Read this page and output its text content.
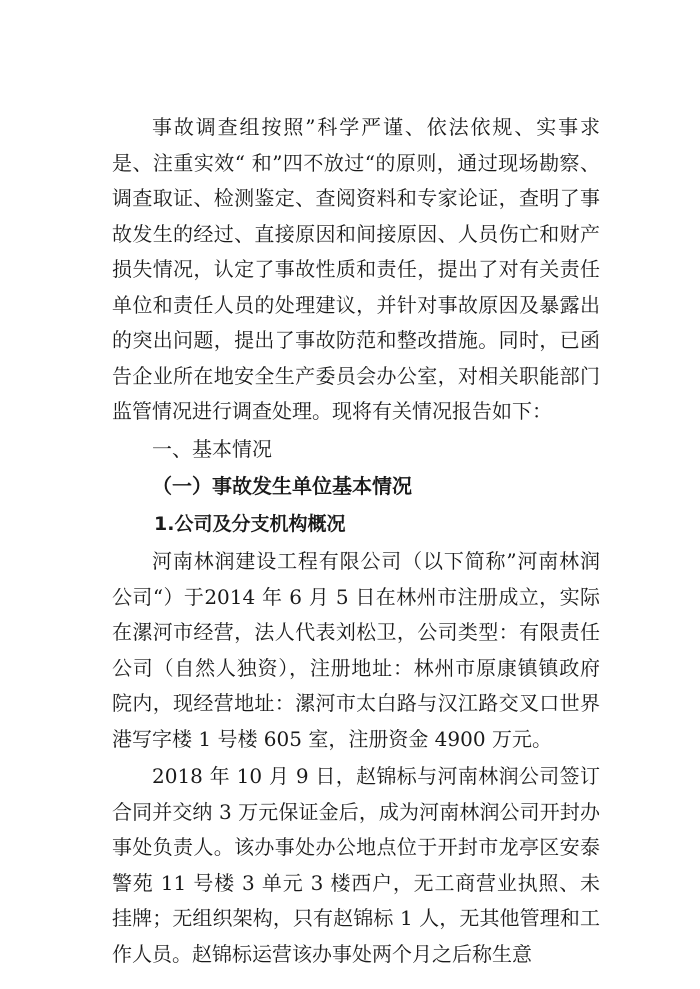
事故调查组按照”科学严谨、依法依规、实事求是、注重实效“ 和”四不放过“的原则，通过现场勘察、调查取证、检测鉴定、查阅资料和专家论证，查明了事故发生的经过、直接原因和间接原因、人员伤亡和财产损失情况，认定了事故性质和责任，提出了对有关责任单位和责任人员的处理建议，并针对事故原因及暴露出的突出问题，提出了事故防范和整改措施。同时，已函告企业所在地安全生产委员会办公室，对相关职能部门监管情况进行调查处理。现将有关情况报告如下：

一、基本情况

（一）事故发生单位基本情况

1.公司及分支机构概况

河南林润建设工程有限公司（以下简称”河南林润公司“）于2014 年 6 月 5 日在林州市注册成立，实际在漯河市经营，法人代表刘松卫，公司类型：有限责任公司（自然人独资），注册地址：林州市原康镇镇政府院内，现经营地址：漯河市太白路与汉江路交叉口世界港写字楼 1 号楼 605 室，注册资金 4900 万元。

2018 年 10 月 9 日，赵锦标与河南林润公司签订合同并交纳 3 万元保证金后，成为河南林润公司开封办事处负责人。该办事处办公地点位于开封市龙亭区安泰警苑 11 号楼 3 单元 3 楼西户，无工商营业执照、未挂牌；无组织架构，只有赵锦标 1 人，无其他管理和工作人员。赵锦标运营该办事处两个月之后称生意
